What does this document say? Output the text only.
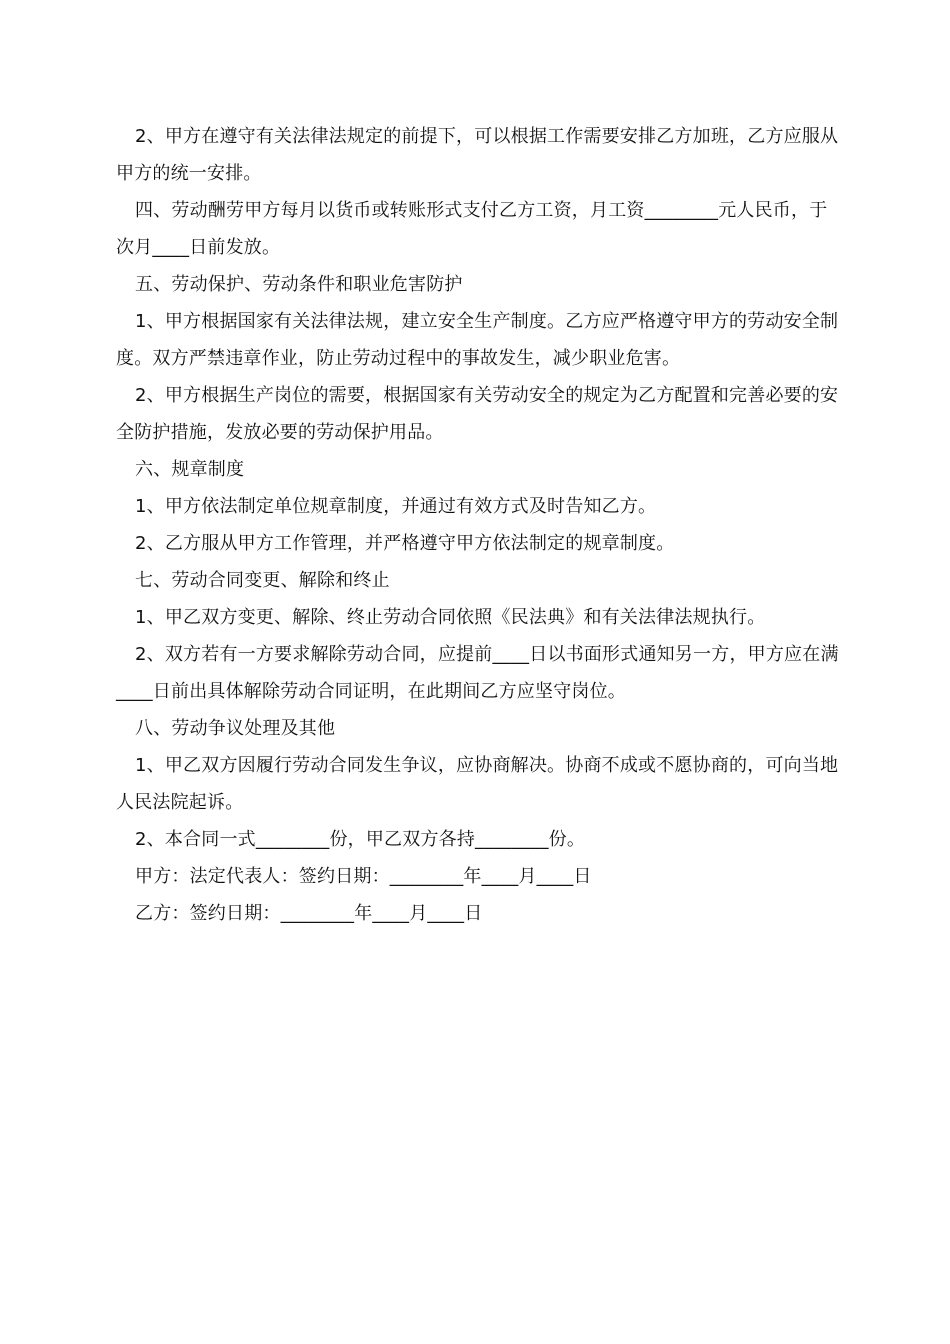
2、甲方在遵守有关法律法规定的前提下，可以根据工作需要安排乙方加班，乙方应服从甲方的统一安排。

四、劳动酬劳甲方每月以货币或转账形式支付乙方工资，月工资________元人民币，于次月____日前发放。

五、劳动保护、劳动条件和职业危害防护

1、甲方根据国家有关法律法规，建立安全生产制度。乙方应严格遵守甲方的劳动安全制度。双方严禁违章作业，防止劳动过程中的事故发生，减少职业危害。

2、甲方根据生产岗位的需要，根据国家有关劳动安全的规定为乙方配置和完善必要的安全防护措施，发放必要的劳动保护用品。

六、规章制度

1、甲方依法制定单位规章制度，并通过有效方式及时告知乙方。

2、乙方服从甲方工作管理，并严格遵守甲方依法制定的规章制度。

七、劳动合同变更、解除和终止

1、甲乙双方变更、解除、终止劳动合同依照《民法典》和有关法律法规执行。

2、双方若有一方要求解除劳动合同，应提前____日以书面形式通知另一方，甲方应在满____日前出具体解除劳动合同证明，在此期间乙方应坚守岗位。

八、劳动争议处理及其他

1、甲乙双方因履行劳动合同发生争议，应协商解决。协商不成或不愿协商的，可向当地人民法院起诉。

2、本合同一式________份，甲乙双方各持________份。

甲方：法定代表人：签约日期：________年____月____日

乙方：签约日期：________年____月____日
